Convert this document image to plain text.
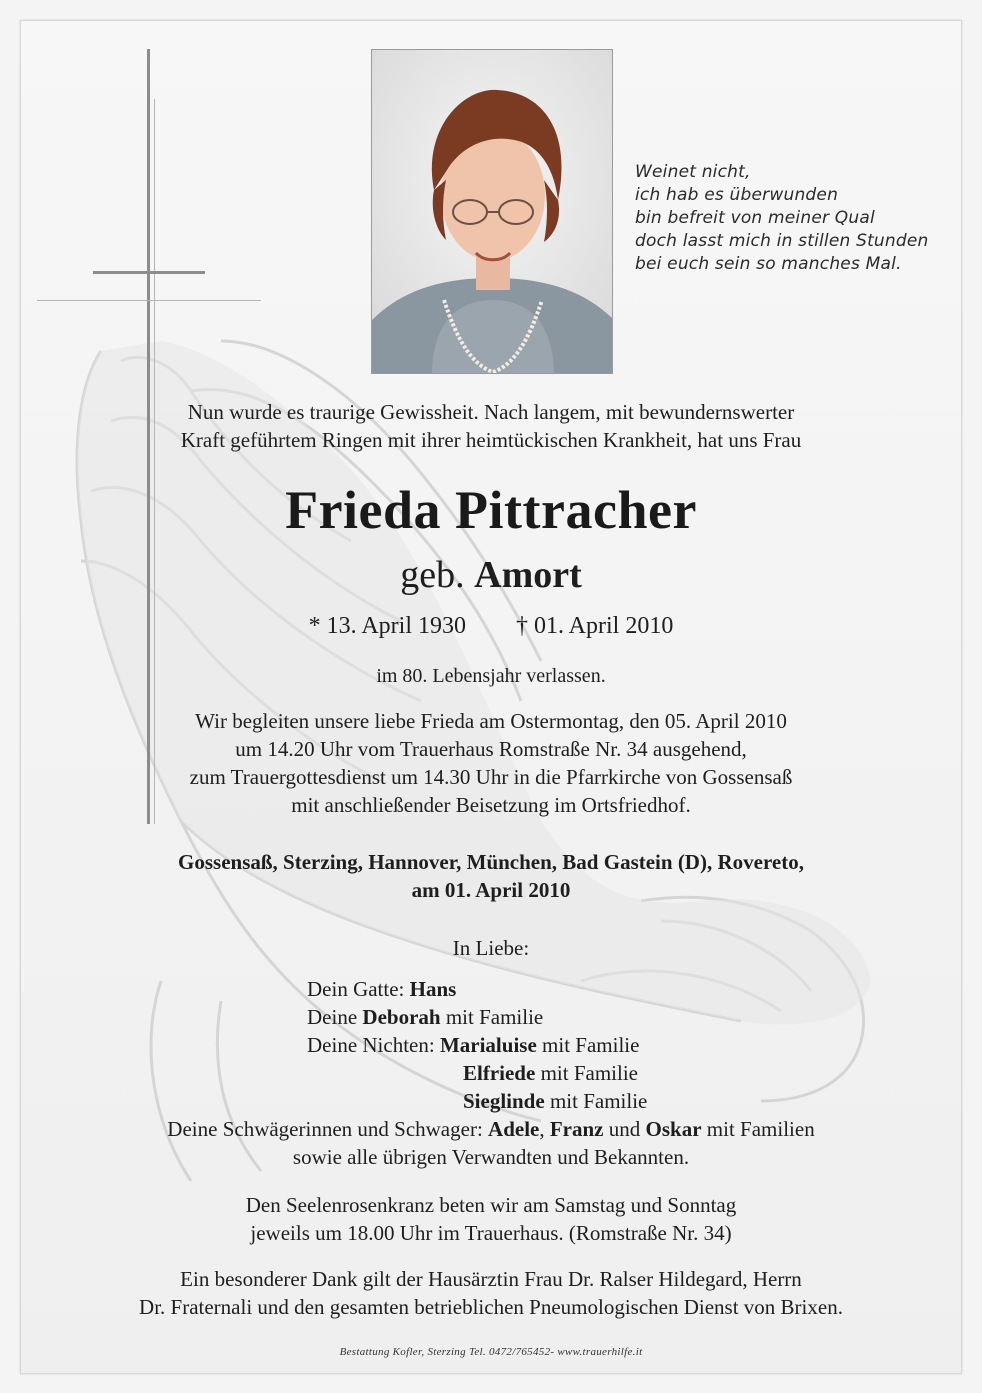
Weinet nicht,
ich hab es überwunden
bin befreit von meiner Qual
doch lasst mich in stillen Stunden
bei euch sein so manches Mal.
Nun wurde es traurige Gewissheit. Nach langem, mit bewundernswerter
Kraft geführtem Ringen mit ihrer heimtückischen Krankheit, hat uns Frau
Frieda Pittracher
geb. Amort
* 13. April 1930 † 01. April 2010
im 80. Lebensjahr verlassen.
Wir begleiten unsere liebe Frieda am Ostermontag, den 05. April 2010
um 14.20 Uhr vom Trauerhaus Romstraße Nr. 34 ausgehend,
zum Trauergottesdienst um 14.30 Uhr in die Pfarrkirche von Gossensaß
mit anschließender Beisetzung im Ortsfriedhof.
Gossensaß, Sterzing, Hannover, München, Bad Gastein (D), Rovereto,
am 01. April 2010
In Liebe:
Dein Gatte: Hans
Deine Deborah mit Familie
Deine Nichten: Marialuise mit Familie
Elfriede mit Familie
Sieglinde mit Familie
Deine Schwägerinnen und Schwager: Adele, Franz und Oskar mit Familien
sowie alle übrigen Verwandten und Bekannten.
Den Seelenrosenkranz beten wir am Samstag und Sonntag
jeweils um 18.00 Uhr im Trauerhaus. (Romstraße Nr. 34)
Ein besonderer Dank gilt der Hausärztin Frau Dr. Ralser Hildegard, Herrn
Dr. Fraternali und den gesamten betrieblichen Pneumologischen Dienst von Brixen.
Bestattung Kofler, Sterzing Tel. 0472/765452- www.trauerhilfe.it
